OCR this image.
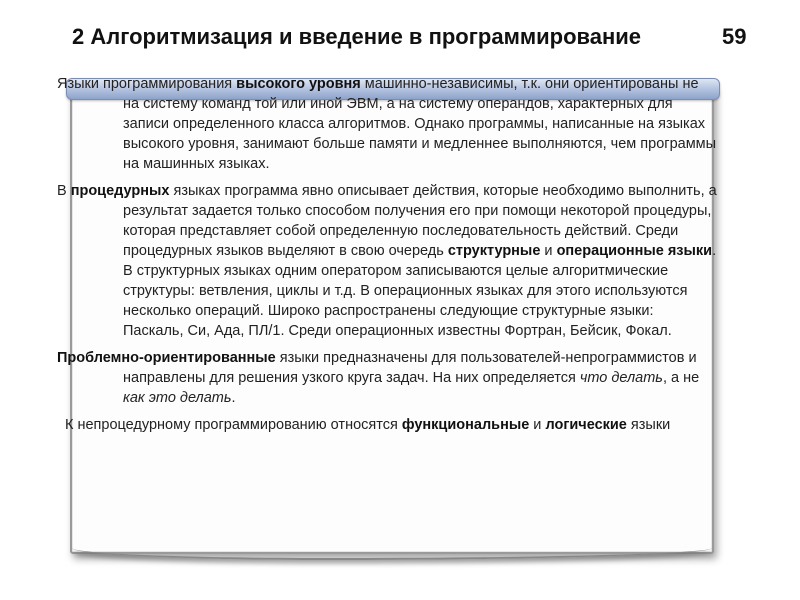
2 Алгоритмизация и введение в программирование	59

Языки программирования высокого уровня машинно-независимы, т.к. они ориентированы не на систему команд той или иной ЭВМ, а на систему операндов, характерных для записи определенного класса алгоритмов. Однако программы, написанные на языках высокого уровня, занимают больше памяти и медленнее выполняются, чем программы на машинных языках.

В процедурных языках программа явно описывает действия, которые необходимо выполнить, а результат задается только способом получения его при помощи некоторой процедуры, которая представляет собой определенную последовательность действий. Среди процедурных языков выделяют в свою очередь структурные и операционные языки.
В структурных языках одним оператором записываются целые алгоритмические структуры: ветвления, циклы и т.д. В операционных языках для этого используются несколько операций. Широко распространены следующие структурные языки: Паскаль, Си, Ада, ПЛ/1. Среди операционных известны Фортран, Бейсик, Фокал.

Проблемно-ориентированные языки предназначены для пользователей-непрограммистов и направлены для решения узкого круга задач. На них определяется что делать, а не как это делать.

К непроцедурному программированию относятся функциональные и логические языки
